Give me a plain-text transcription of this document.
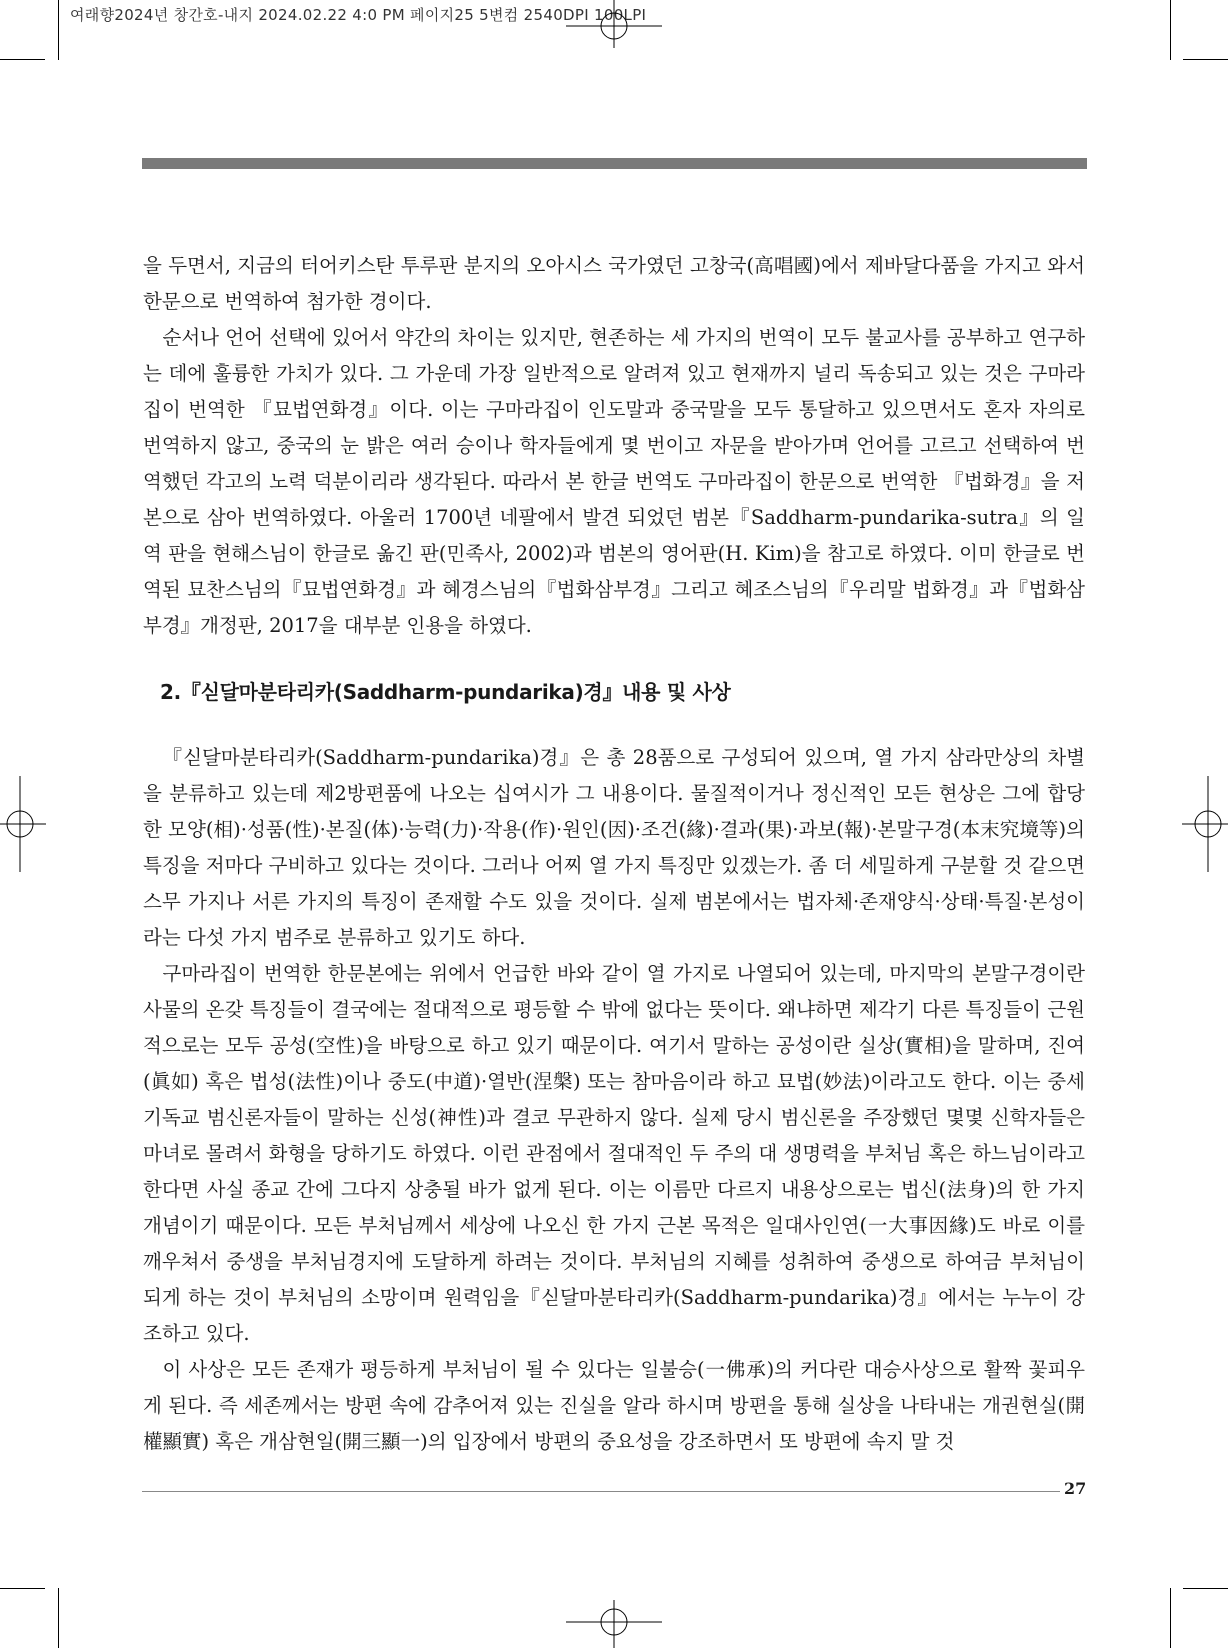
여래향2024년 창간호-내지 2024.02.22 4:0 PM 페이지25 5변컴 2540DPI 100LPI

을 두면서, 지금의 터어키스탄 투루판 분지의 오아시스 국가였던 고창국(高唱國)에서 제바달다품을 가지고 와서 한문으로 번역하여 첨가한 경이다.

순서나 언어 선택에 있어서 약간의 차이는 있지만, 현존하는 세 가지의 번역이 모두 불교사를 공부하고 연구하는 데에 훌륭한 가치가 있다. 그 가운데 가장 일반적으로 알려져 있고 현재까지 널리 독송되고 있는 것은 구마라집이 번역한 『묘법연화경』이다. 이는 구마라집이 인도말과 중국말을 모두 통달하고 있으면서도 혼자 자의로 번역하지 않고, 중국의 눈 밝은 여러 승이나 학자들에게 몇 번이고 자문을 받아가며 언어를 고르고 선택하여 번역했던 각고의 노력 덕분이리라 생각된다. 따라서 본 한글 번역도 구마라집이 한문으로 번역한 『법화경』을 저본으로 삼아 번역하였다. 아울러 1700년 네팔에서 발견 되었던 범본『Saddharm-pundarika-sutra』의 일역 판을 현해스님이 한글로 옮긴 판(민족사, 2002)과 범본의 영어판(H. Kim)을 참고로 하였다. 이미 한글로 번역된 묘찬스님의『묘법연화경』과 혜경스님의『법화삼부경』그리고 혜조스님의『우리말 법화경』과『법화삼부경』개정판, 2017을 대부분 인용을 하였다.

2.『싣달마분타리카(Saddharm-pundarika)경』내용 및 사상

『싣달마분타리카(Saddharm-pundarika)경』은 총 28품으로 구성되어 있으며, 열 가지 삼라만상의 차별을 분류하고 있는데 제2방편품에 나오는 십여시가 그 내용이다. 물질적이거나 정신적인 모든 현상은 그에 합당한 모양(相)·성품(性)·본질(体)·능력(力)·작용(作)·원인(因)·조건(緣)·결과(果)·과보(報)·본말구경(本末究境等)의 특징을 저마다 구비하고 있다는 것이다. 그러나 어찌 열 가지 특징만 있겠는가. 좀 더 세밀하게 구분할 것 같으면 스무 가지나 서른 가지의 특징이 존재할 수도 있을 것이다. 실제 범본에서는 법자체·존재양식·상태·특질·본성이라는 다섯 가지 범주로 분류하고 있기도 하다.

구마라집이 번역한 한문본에는 위에서 언급한 바와 같이 열 가지로 나열되어 있는데, 마지막의 본말구경이란 사물의 온갖 특징들이 결국에는 절대적으로 평등할 수 밖에 없다는 뜻이다. 왜냐하면 제각기 다른 특징들이 근원적으로는 모두 공성(空性)을 바탕으로 하고 있기 때문이다. 여기서 말하는 공성이란 실상(實相)을 말하며, 진여(眞如) 혹은 법성(法性)이나 중도(中道)·열반(涅槃) 또는 참마음이라 하고 묘법(妙法)이라고도 한다. 이는 중세 기독교 범신론자들이 말하는 신성(神性)과 결코 무관하지 않다. 실제 당시 범신론을 주장했던 몇몇 신학자들은 마녀로 몰려서 화형을 당하기도 하였다. 이런 관점에서 절대적인 두 주의 대 생명력을 부처님 혹은 하느님이라고 한다면 사실 종교 간에 그다지 상충될 바가 없게 된다. 이는 이름만 다르지 내용상으로는 법신(法身)의 한 가지 개념이기 때문이다. 모든 부처님께서 세상에 나오신 한 가지 근본 목적은 일대사인연(一大事因緣)도 바로 이를 깨우쳐서 중생을 부처님경지에 도달하게 하려는 것이다. 부처님의 지혜를 성취하여 중생으로 하여금 부처님이 되게 하는 것이 부처님의 소망이며 원력임을『싣달마분타리카(Saddharm-pundarika)경』에서는 누누이 강조하고 있다.

이 사상은 모든 존재가 평등하게 부처님이 될 수 있다는 일불승(一佛承)의 커다란 대승사상으로 활짝 꽃피우게 된다. 즉 세존께서는 방편 속에 감추어져 있는 진실을 알라 하시며 방편을 통해 실상을 나타내는 개권현실(開權顯實) 혹은 개삼현일(開三顯一)의 입장에서 방편의 중요성을 강조하면서 또 방편에 속지 말 것

27
